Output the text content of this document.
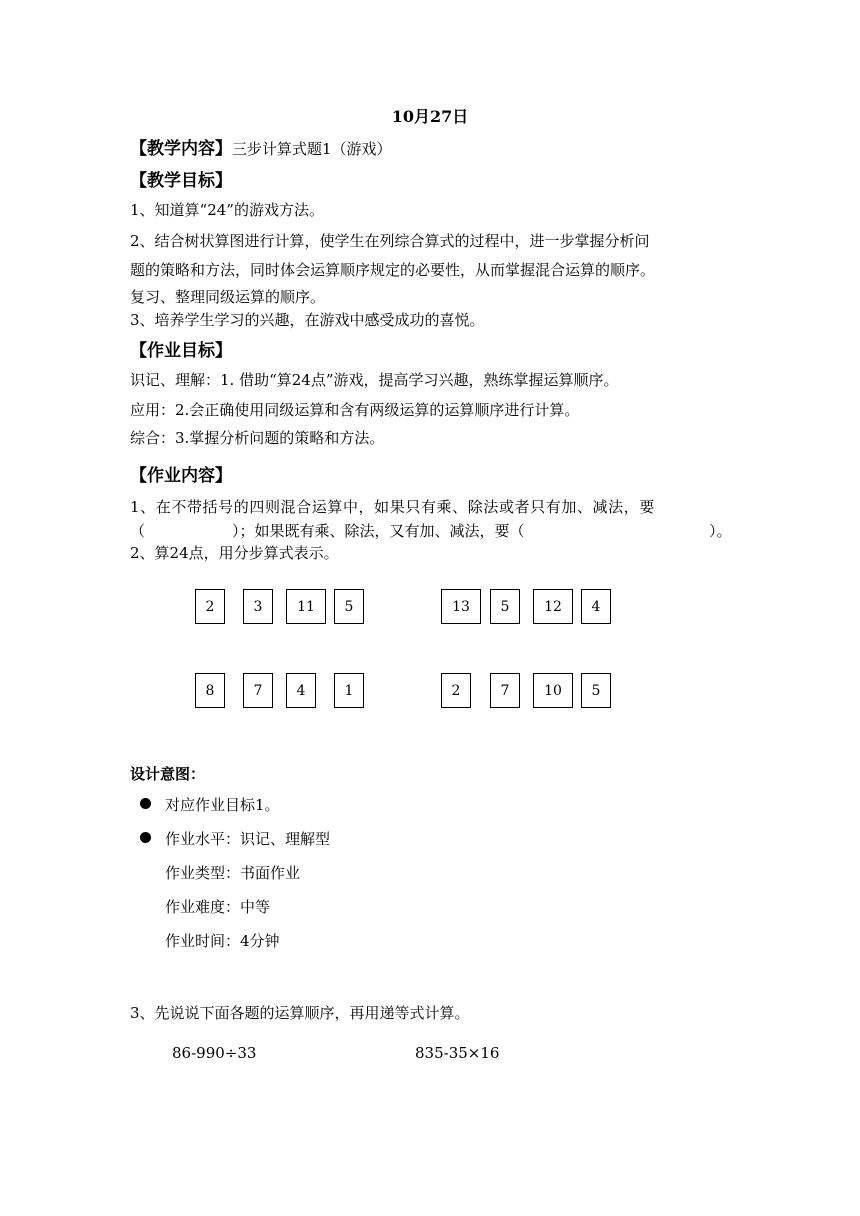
10月27日
【教学内容】三步计算式题1（游戏）
【教学目标】
1、知道算“24”的游戏方法。
2、结合树状算图进行计算，使学生在列综合算式的过程中，进一步掌握分析问
题的策略和方法，同时体会运算顺序规定的必要性，从而掌握混合运算的顺序。
复习、整理同级运算的顺序。
3、培养学生学习的兴趣，在游戏中感受成功的喜悦。
【作业目标】
识记、理解：1. 借助“算24点”游戏，提高学习兴趣，熟练掌握运算顺序。
应用：2.会正确使用同级运算和含有两级运算的运算顺序进行计算。
综合：3.掌握分析问题的策略和方法。
【作业内容】
1、在不带括号的四则混合运算中，如果只有乘、除法或者只有加、减法，要
（	）；如果既有乘、除法，又有加、减法，要（	）。
2、算24点，用分步算式表示。
2	3	11	5	13	5	12	4
8	7	4	1	2	7	10	5
设计意图：
对应作业目标1。
作业水平：识记、理解型
作业类型：书面作业
作业难度：中等
作业时间：4分钟
3、先说说下面各题的运算顺序，再用递等式计算。
86-990÷33	835-35×16
